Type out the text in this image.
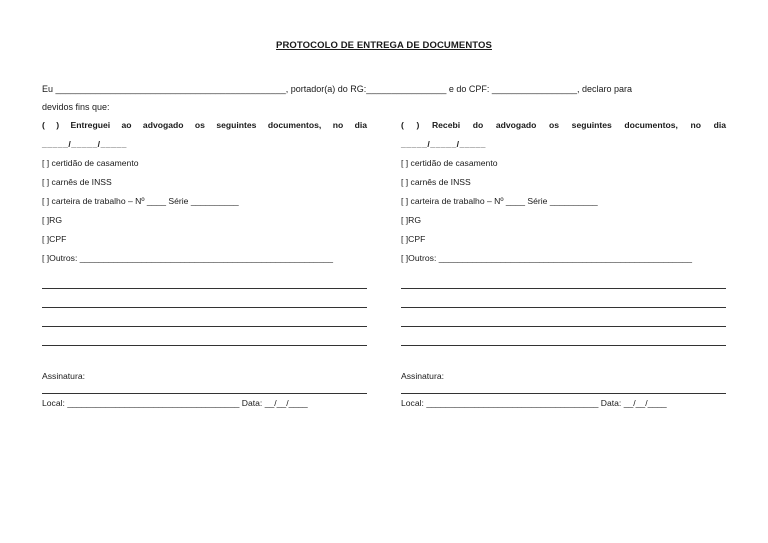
PROTOCOLO DE ENTREGA DE DOCUMENTOS
Eu ______________________________________________, portador(a) do RG:________________ e do CPF: _________________, declaro para
devidos fins que:
( ) Entreguei ao advogado os seguintes documentos, no dia
_____/_____/_____
[ ] certidão de casamento
[ ] carnês de INSS
[ ] carteira de trabalho – Nº ____ Série __________
[ ]RG
[ ]CPF
[ ]Outros: _____________________________________________________
Assinatura:
Local: ____________________________________ Data: __/__/____
( ) Recebi do advogado os seguintes documentos, no dia
_____/_____/_____
[ ] certidão de casamento
[ ] carnês de INSS
[ ] carteira de trabalho – Nº ____ Série __________
[ ]RG
[ ]CPF
[ ]Outros: _____________________________________________________
Assinatura:
Local: ____________________________________ Data: __/__/____
